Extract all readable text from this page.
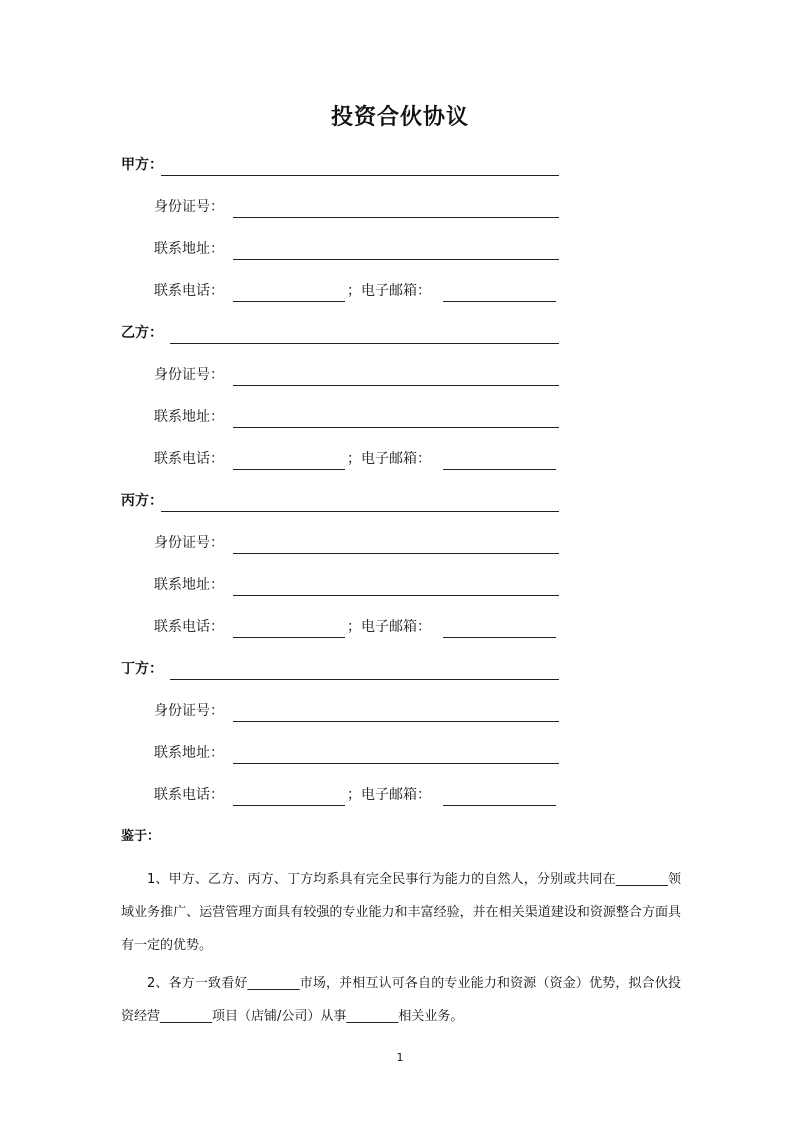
投资合伙协议
甲方：
身份证号：
联系地址：
联系电话：	；电子邮箱：
乙方：
身份证号：
联系地址：
联系电话：	；电子邮箱：
丙方：
身份证号：
联系地址：
联系电话：	；电子邮箱：
丁方：
身份证号：
联系地址：
联系电话：	；电子邮箱：
鉴于：

1、甲方、乙方、丙方、丁方均系具有完全民事行为能力的自然人，分别或共同在________领域业务推广、运营管理方面具有较强的专业能力和丰富经验，并在相关渠道建设和资源整合方面具有一定的优势。

2、各方一致看好________市场，并相互认可各自的专业能力和资源（资金）优势，拟合伙投资经营________项目（店铺/公司）从事________相关业务。

1
